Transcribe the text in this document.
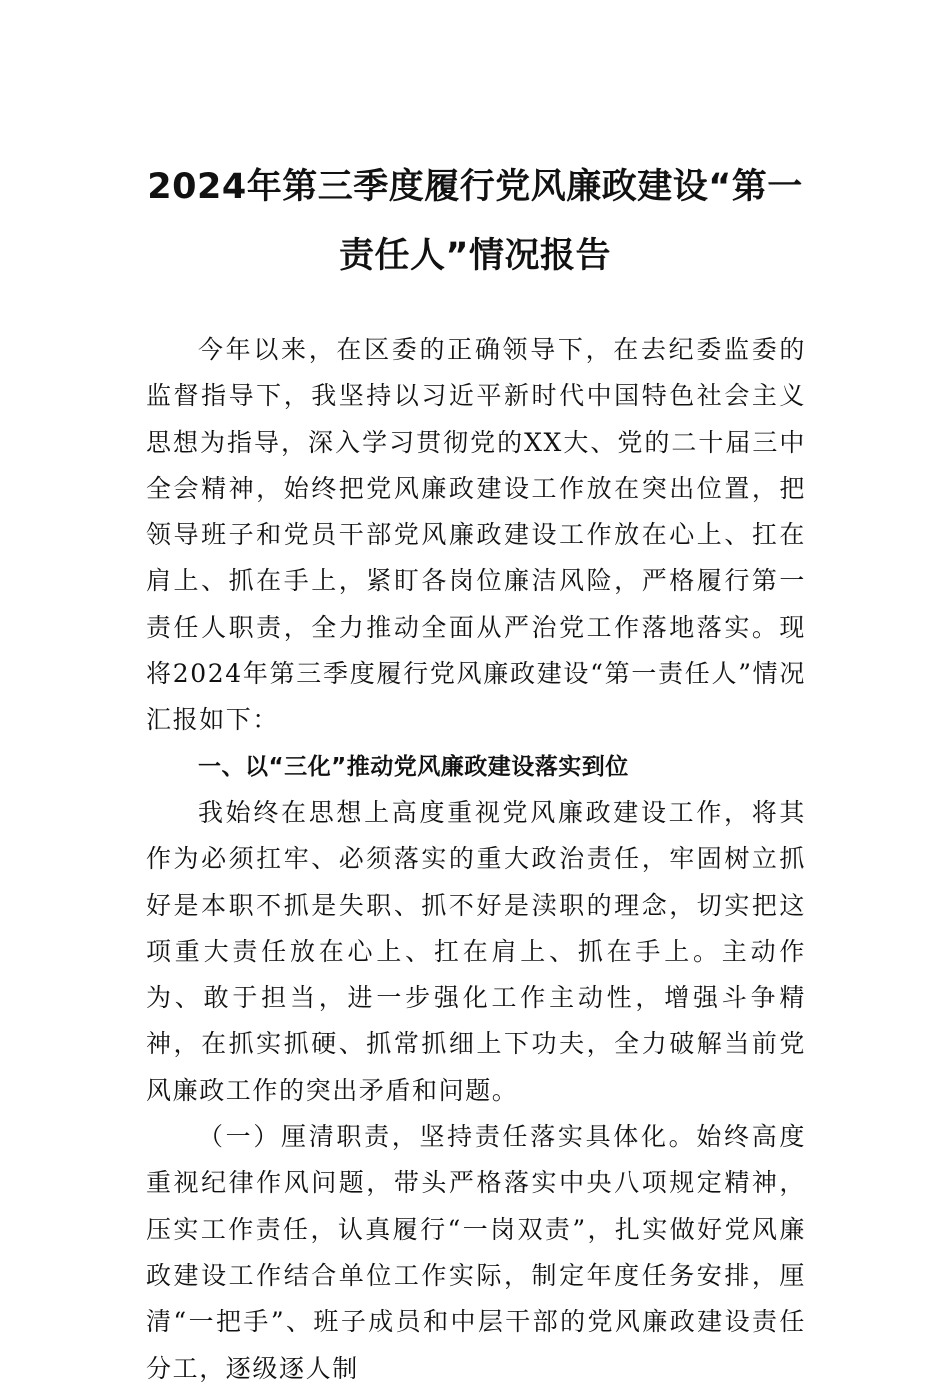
2024年第三季度履行党风廉政建设“第一
责任人”情况报告

今年以来，在区委的正确领导下，在去纪委监委的监督指导下，我坚持以习近平新时代中国特色社会主义思想为指导，深入学习贯彻党的XX大、党的二十届三中全会精神，始终把党风廉政建设工作放在突出位置，把领导班子和党员干部党风廉政建设工作放在心上、扛在肩上、抓在手上，紧盯各岗位廉洁风险，严格履行第一责任人职责，全力推动全面从严治党工作落地落实。现将2024年第三季度履行党风廉政建设“第一责任人”情况汇报如下：

一、以“三化”推动党风廉政建设落实到位

我始终在思想上高度重视党风廉政建设工作，将其作为必须扛牢、必须落实的重大政治责任，牢固树立抓好是本职不抓是失职、抓不好是渎职的理念，切实把这项重大责任放在心上、扛在肩上、抓在手上。主动作为、敢于担当，进一步强化工作主动性，增强斗争精神，在抓实抓硬、抓常抓细上下功夫，全力破解当前党风廉政工作的突出矛盾和问题。

（一）厘清职责，坚持责任落实具体化。始终高度重视纪律作风问题，带头严格落实中央八项规定精神，压实工作责任，认真履行“一岗双责”，扎实做好党风廉政建设工作结合单位工作实际，制定年度任务安排，厘清“一把手”、班子成员和中层干部的党风廉政建设责任分工，逐级逐人制
